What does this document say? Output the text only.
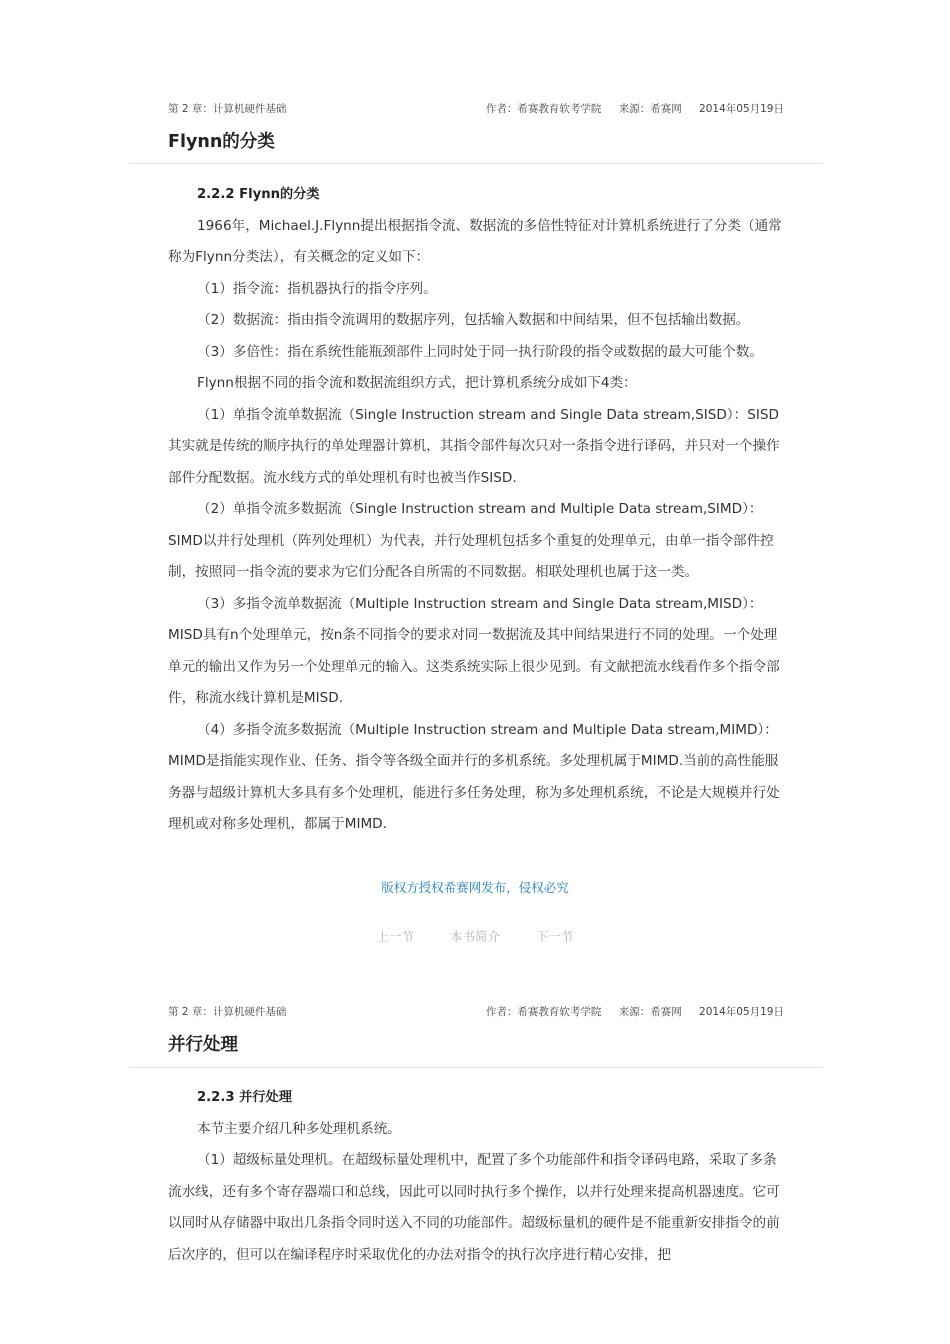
第 2 章：计算机硬件基础	作者：希赛教育软考学院 来源：希赛网 2014年05月19日
Flynn的分类

2.2.2 Flynn的分类

1966年，Michael.J.Flynn提出根据指令流、数据流的多倍性特征对计算机系统进行了分类（通常称为Flynn分类法），有关概念的定义如下：

（1）指令流：指机器执行的指令序列。

（2）数据流：指由指令流调用的数据序列，包括输入数据和中间结果，但不包括输出数据。

（3）多倍性：指在系统性能瓶颈部件上同时处于同一执行阶段的指令或数据的最大可能个数。

Flynn根据不同的指令流和数据流组织方式，把计算机系统分成如下4类：

（1）单指令流单数据流（Single Instruction stream and Single Data stream,SISD）：SISD其实就是传统的顺序执行的单处理器计算机，其指令部件每次只对一条指令进行译码，并只对一个操作部件分配数据。流水线方式的单处理机有时也被当作SISD.

（2）单指令流多数据流（Single Instruction stream and Multiple Data stream,SIMD）：SIMD以并行处理机（阵列处理机）为代表，并行处理机包括多个重复的处理单元，由单一指令部件控制，按照同一指令流的要求为它们分配各自所需的不同数据。相联处理机也属于这一类。

（3）多指令流单数据流（Multiple Instruction stream and Single Data stream,MISD）：MISD具有n个处理单元，按n条不同指令的要求对同一数据流及其中间结果进行不同的处理。一个处理单元的输出又作为另一个处理单元的输入。这类系统实际上很少见到。有文献把流水线看作多个指令部件，称流水线计算机是MISD.

（4）多指令流多数据流（Multiple Instruction stream and Multiple Data stream,MIMD）：MIMD是指能实现作业、任务、指令等各级全面并行的多机系统。多处理机属于MIMD.当前的高性能服务器与超级计算机大多具有多个处理机，能进行多任务处理，称为多处理机系统，不论是大规模并行处理机或对称多处理机，都属于MIMD.

版权方授权希赛网发布，侵权必究
上一节	本书简介	下一节
第 2 章：计算机硬件基础	作者：希赛教育软考学院 来源：希赛网 2014年05月19日
并行处理

2.2.3 并行处理

本节主要介绍几种多处理机系统。

（1）超级标量处理机。在超级标量处理机中，配置了多个功能部件和指令译码电路，采取了多条流水线，还有多个寄存器端口和总线，因此可以同时执行多个操作，以并行处理来提高机器速度。它可以同时从存储器中取出几条指令同时送入不同的功能部件。超级标量机的硬件是不能重新安排指令的前后次序的，但可以在编译程序时采取优化的办法对指令的执行次序进行精心安排，把
